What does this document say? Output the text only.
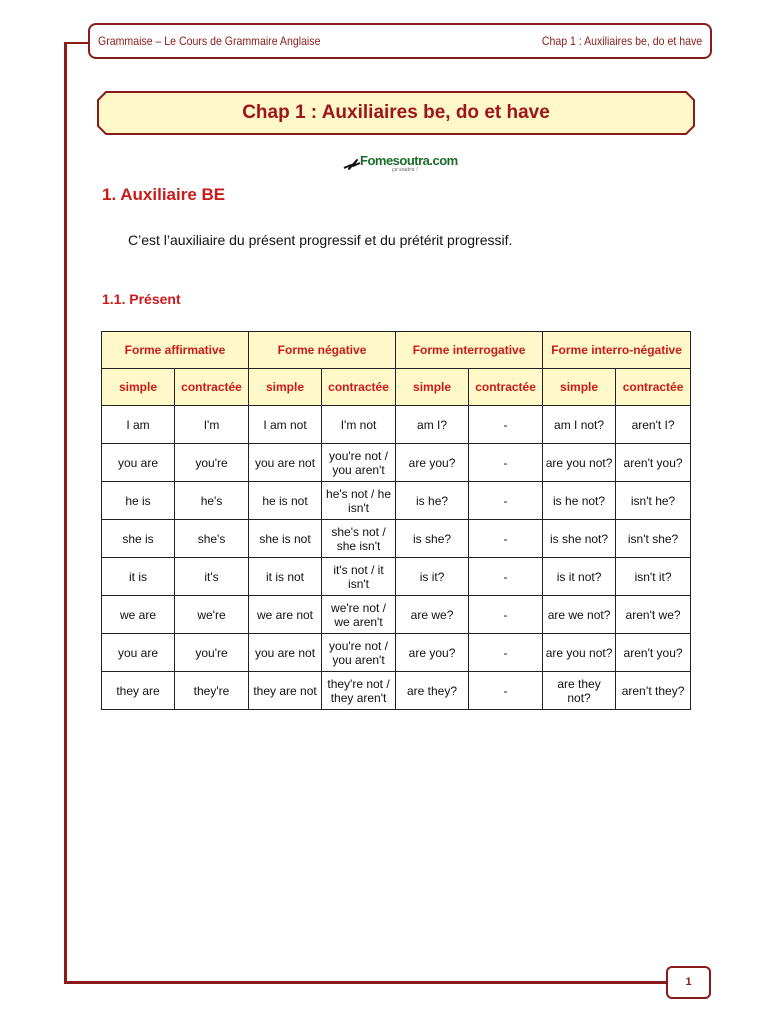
Grammaise – Le Cours de Grammaire Anglaise	Chap 1 : Auxiliaires be, do et have
Chap 1 : Auxiliaires be, do et have
Fomesoutra.com
ça soutra !
1. Auxiliaire BE
C’est l’auxiliaire du présent progressif et du prétérit progressif.
1.1. Présent
Forme affirmative		Forme négative		Forme interrogative		Forme interro-négative	
simple	contractée	simple	contractée	simple	contractée	simple	contractée
I am	I'm	I am not	I'm not	am I?	-	am I not?	aren't I?
you are	you're	you are not	you're not / you aren't	are you?	-	are you not?	aren't you?
he is	he's	he is not	he's not / he isn't	is he?	-	is he not?	isn't he?
she is	she's	she is not	she's not / she isn't	is she?	-	is she not?	isn't she?
it is	it's	it is not	it's not / it isn't	is it?	-	is it not?	isn't it?
we are	we're	we are not	we're not / we aren't	are we?	-	are we not?	aren't we?
you are	you're	you are not	you're not / you aren't	are you?	-	are you not?	aren't you?
they are	they're	they are not	they're not / they aren't	are they?	-	are they not?	aren’t they?
1
